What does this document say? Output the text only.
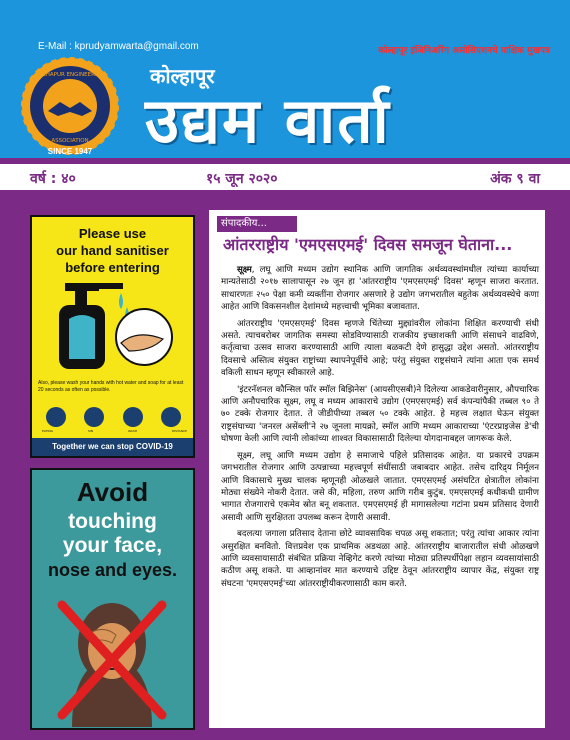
E-Mail : kprudyamwarta@gmail.com	कोल्हापूर इंजिनिअरिंग असोसिएशनचे पाक्षिक मुखपत्र
KOLHAPUR ENGINEERING
ASSOCIATION
SINCE 1947
कोल्हापूर
उद्यम वार्ता
वर्ष : ४०	१५ जून २०२०	अंक ९ वा
Please use
our hand sanitiser
before entering
Also, please wash your hands with hot water and soap for at least 20 seconds as often as possible.
EATING	SIN	WASH	DISTANCE
Together we can stop COVID-19
Avoid
touching
your face,
nose and eyes.
संपादकीय...
आंतरराष्ट्रीय 'एमएसएमई' दिवस समजून घेताना...

सूक्ष्म, लघू आणि मध्यम उद्योग स्थानिक आणि जागतिक अर्थव्यवस्थांमधील त्यांच्या कार्याच्या मान्यतेसाठी २०१७ सालापासून २७ जून हा 'आंतरराष्ट्रीय 'एमएसएमई' दिवस' म्हणून साजरा करतात. साधारणतः २५० पेक्षा कमी व्यक्तींना रोजगार असणारे हे उद्योग जगभरातील बहुतेक अर्थव्यवस्थेचे कणा आहेत आणि विकसनशील देशांमध्ये महत्त्वाची भूमिका बजावतात.

आंतरराष्ट्रीय 'एमएसएमई' दिवस म्हणजे चिंतेच्या मुद्द्यांवरील लोकांना शिक्षित करण्याची संधी असते. त्याचबरोबर जागतिक समस्या सोडविण्यासाठी राजकीय इच्छाशक्ती आणि संसाधने वाढविणे, कर्तृत्वाचा उत्सव साजरा करण्यासाठी आणि त्याला बळकटी देणे हासुद्धा उद्देश असतो. आंतरराष्ट्रीय दिवसाचे अस्तित्व संयुक्त राष्ट्रांच्या स्थापनेपूर्वीचे आहे; परंतु संयुक्त राष्ट्रसंघाने त्यांना आता एक समर्थ वकिली साधन म्हणून स्वीकारले आहे.

'इंटरनॅशनल कौन्सिल फॉर स्मॉल बिझिनेस' (आयसीएसबी)ने दिलेल्या आकडेवारीनुसार, औपचारिक आणि अनौपचारिक सूक्ष्म, लघू व मध्यम आकाराचे उद्योग (एमएसएमई) सर्व कंपन्यांपैकी तब्बल ९० ते ७० टक्के रोजगार देतात. ते जीडीपीच्या तब्बल ५० टक्के आहेत. हे महत्त्व लक्षात घेऊन संयुक्त राष्ट्रसंघाच्या 'जनरल असेंब्ली'ने २७ जूनला मायक्रो, स्मॉल आणि मध्यम आकाराच्या 'एंटरप्राइजेस डे'ची घोषणा केली आणि त्यांनी लोकांच्या शाश्वत विकासासाठी दिलेल्या योगदानाबद्दल जागरूक केले.

सूक्ष्म, लघू आणि मध्यम उद्योग हे समाजाचे पहिले प्रतिसादक आहेत. या प्रकारचे उपक्रम जगभरातील रोजगार आणि उत्पन्नाच्या महत्त्वपूर्ण संधींसाठी जबाबदार आहेत. तसेच दारिद्र्य निर्मूलन आणि विकासाचे मुख्य चालक म्हणूनही ओळखले जातात. एमएसएमई असंघटित क्षेत्रातील लोकांना मोठ्या संख्येने नोकरी देतात. जसे की, महिला, तरुण आणि गरीब कुटुंब. एमएसएमई कधीकधी ग्रामीण भागात रोजगाराचे एकमेव स्रोत बनू शकतात. एमएसएमई ही मागासलेल्या गटांना प्रथम प्रतिसाद देणारी असावी आणि सुरक्षितता उपलब्ध करून देणारी असावी.

बदलत्या जगाला प्रतिसाद देताना छोटे व्यावसायिक चपळ असू शकतात; परंतु त्यांचा आकार त्यांना असुरक्षित बनवितो. वित्तप्रवेश एक प्राथमिक अडथळा आहे. आंतरराष्ट्रीय बाजारातील संधी ओळखणे आणि व्यवसायासाठी संबंधित प्रक्रिया नेव्हिगेट करणे त्यांच्या मोठ्या प्रतिस्पर्धीपेक्षा लहान व्यवसायांसाठी कठीण असू शकते. या आव्हानांवर मात करण्याचे उद्दिष्ट ठेवून आंतरराष्ट्रीय व्यापार केंद्र, संयुक्त राष्ट्र संघटना 'एमएसएमई'च्या आंतरराष्ट्रीयीकरणासाठी काम करते.
